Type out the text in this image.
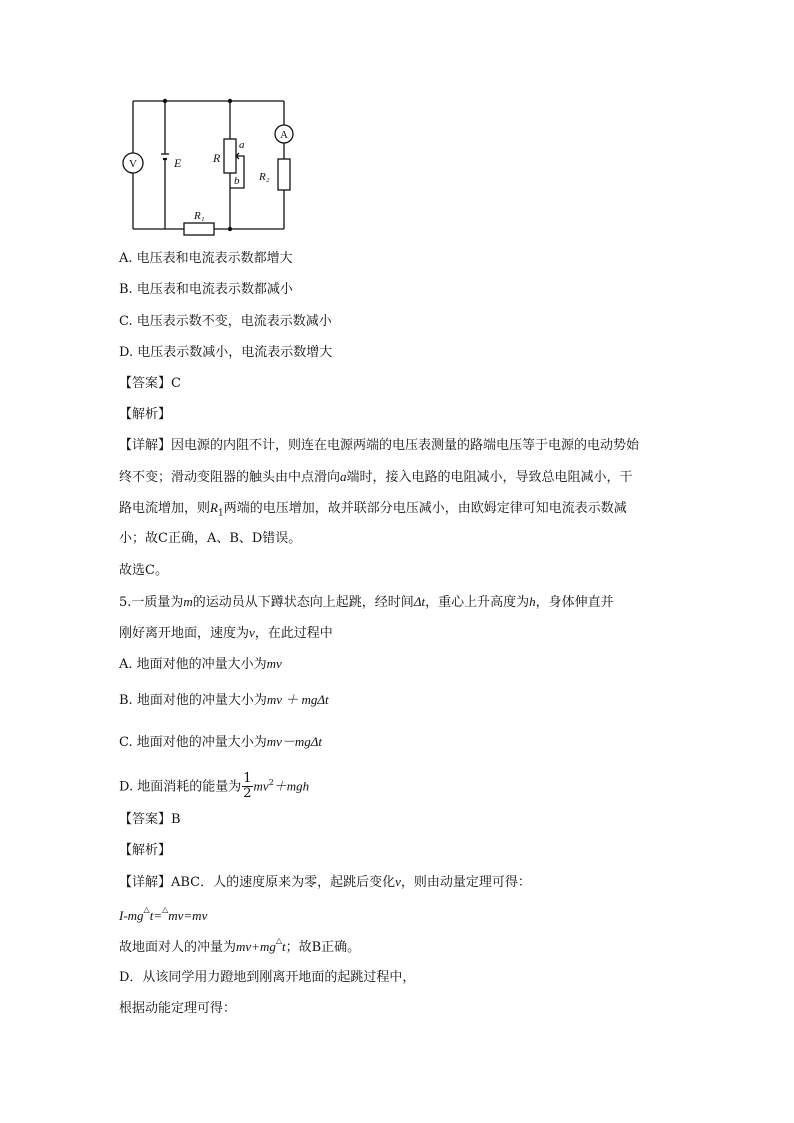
V
A
E	R
a
b R₂
R₁
A. 电压表和电流表示数都增大
B. 电压表和电流表示数都减小
C. 电压表示数不变，电流表示数减小
D. 电压表示数减小，电流表示数增大
【答案】C
【解析】
【详解】因电源的内阻不计，则连在电源两端的电压表测量的路端电压等于电源的电动势始
终不变；滑动变阻器的触头由中点滑向a端时，接入电路的电阻减小，导致总电阻减小，干
路电流增加，则$R_1$两端的电压增加，故并联部分电压减小，由欧姆定律可知电流表示数减
小；故C正确，A、B、D错误。
故选C。
5.一质量为m的运动员从下蹲状态向上起跳，经时间Δt，重心上升高度为h，身体伸直并
刚好离开地面，速度为v，在此过程中
A. 地面对他的冲量大小为mv
B. 地面对他的冲量大小为mv ＋ mgΔt
C. 地面对他的冲量大小为mv－mgΔt
D. 地面消耗的能量为 $\frac{1}{2} mv^2+mgh$
【答案】B
【解析】
【详解】ABC．人的速度原来为零，起跳后变化v，则由动量定理可得：
I-mg△t=△mv=mv
故地面对人的冲量为mv+mg△t；故B正确。
D．从该同学用力蹬地到刚离开地面的起跳过程中，
根据动能定理可得：
